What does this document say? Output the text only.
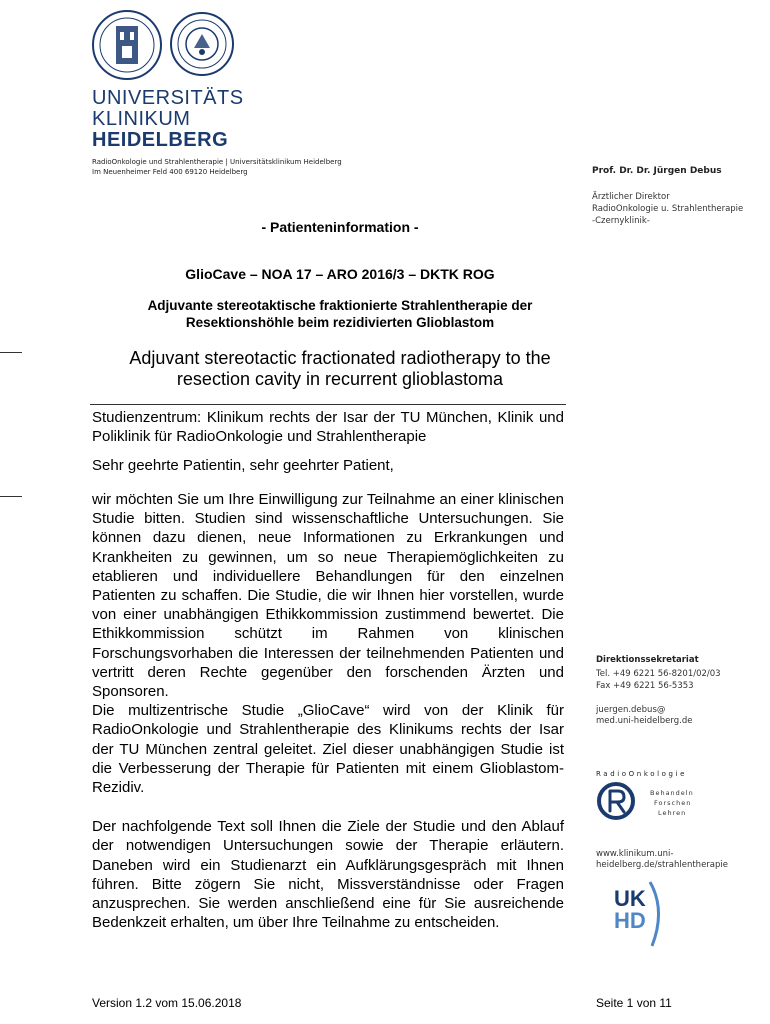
UNIVERSITÄTS
KLINIKUM
HEIDELBERG
RadioOnkologie und Strahlentherapie | Universitätsklinikum Heidelberg
Im Neuenheimer Feld 400 69120 Heidelberg	Prof. Dr. Dr. Jürgen Debus
Ärztlicher Direktor
RadioOnkologie u. Strahlentherapie
-Czernyklinik-
Direktionssekretariat
Tel. +49 6221 56-8201/02/03
Fax +49 6221 56-5353
juergen.debus@
med.uni-heidelberg.de
RadioOnkologie
Behandeln
Forschen
Lehren
www.klinikum.uni-
heidelberg.de/strahlentherapie
UK
HD
- Patienteninformation -
GlioCave – NOA 17 – ARO 2016/3 – DKTK ROG
Adjuvante stereotaktische fraktionierte Strahlentherapie der
Resektionshöhle beim rezidivierten Glioblastom
Adjuvant stereotactic fractionated radiotherapy to the
resection cavity in recurrent glioblastoma
Studienzentrum: Klinikum rechts der Isar der TU München, Klinik und Poliklinik für RadioOnkologie und Strahlentherapie
Sehr geehrte Patientin, sehr geehrter Patient,

wir möchten Sie um Ihre Einwilligung zur Teilnahme an einer klinischen Studie bitten. Studien sind wissenschaftliche Untersuchungen. Sie können dazu dienen, neue Informationen zu Erkrankungen und Krankheiten zu gewinnen, um so neue Therapiemöglichkeiten zu etablieren und individuellere Behandlungen für den einzelnen Patienten zu schaffen. Die Studie, die wir Ihnen hier vorstellen, wurde von einer unabhängigen Ethikkommission zustimmend bewertet. Die Ethikkommission schützt im Rahmen von klinischen Forschungsvorhaben die Interessen der teilnehmenden Patienten und vertritt deren Rechte gegenüber den forschenden Ärzten und Sponsoren.

Die multizentrische Studie „GlioCave“ wird von der Klinik für RadioOnkologie und Strahlentherapie des Klinikums rechts der Isar der TU München zentral geleitet. Ziel dieser unabhängigen Studie ist die Verbesserung der Therapie für Patienten mit einem Glioblastom-Rezidiv.

Der nachfolgende Text soll Ihnen die Ziele der Studie und den Ablauf der notwendigen Untersuchungen sowie der Therapie erläutern. Daneben wird ein Studienarzt ein Aufklärungsgespräch mit Ihnen führen. Bitte zögern Sie nicht, Missverständnisse oder Fragen anzusprechen. Sie werden anschließend eine für Sie ausreichende Bedenkzeit erhalten, um über Ihre Teilnahme zu entscheiden.

Version 1.2 vom 15.06.2018	Seite 1 von 11
